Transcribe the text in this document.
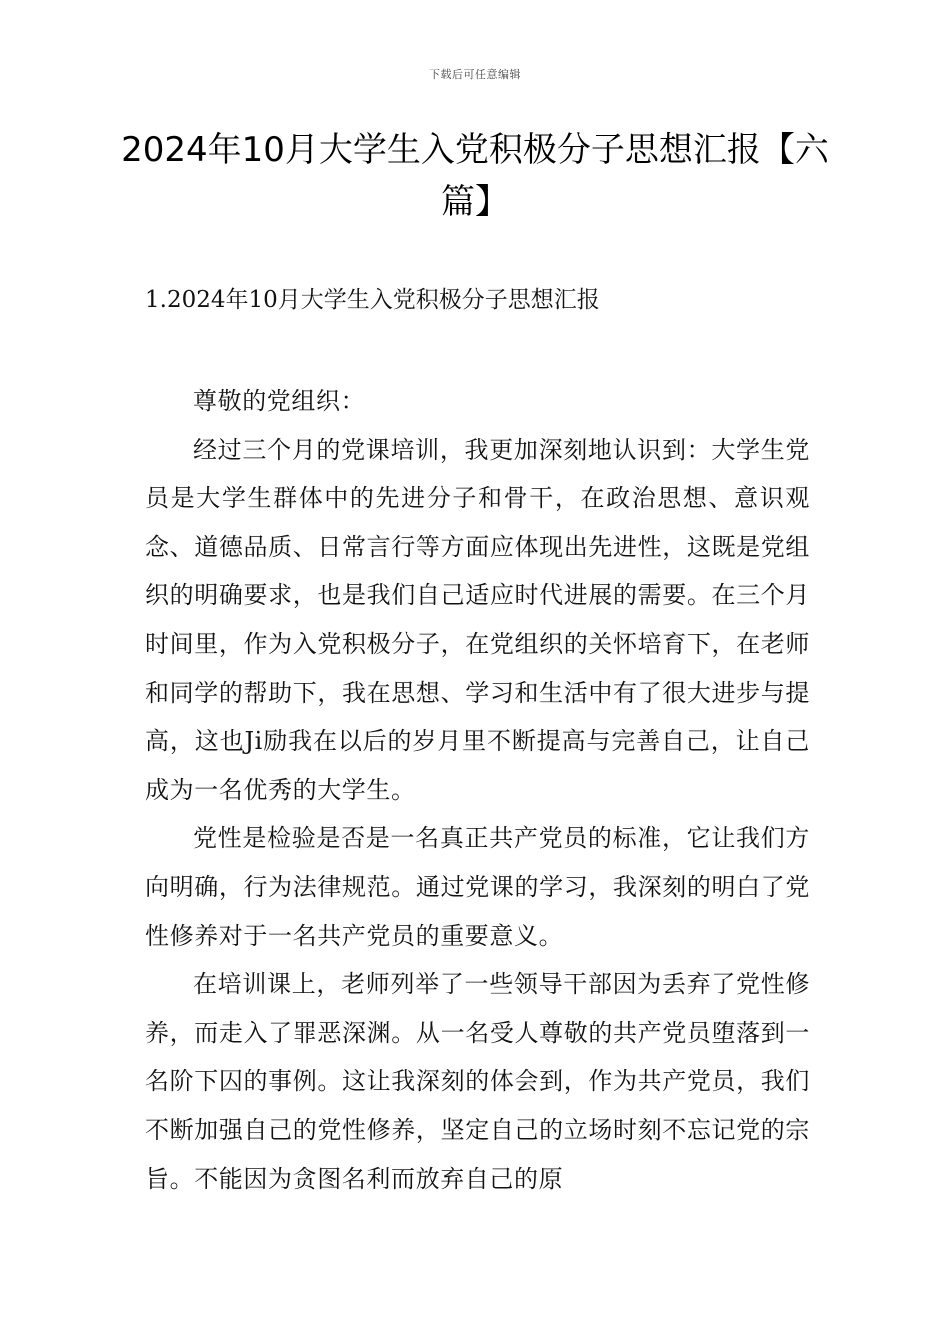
下载后可任意编辑
2024年10月大学生入党积极分子思想汇报【六篇】
1.2024年10月大学生入党积极分子思想汇报

尊敬的党组织：

经过三个月的党课培训，我更加深刻地认识到：大学生党员是大学生群体中的先进分子和骨干，在政治思想、意识观念、道德品质、日常言行等方面应体现出先进性，这既是党组织的明确要求，也是我们自己适应时代进展的需要。在三个月时间里，作为入党积极分子，在党组织的关怀培育下，在老师和同学的帮助下，我在思想、学习和生活中有了很大进步与提高，这也Ji励我在以后的岁月里不断提高与完善自己，让自己成为一名优秀的大学生。

党性是检验是否是一名真正共产党员的标准，它让我们方向明确，行为法律规范。通过党课的学习，我深刻的明白了党性修养对于一名共产党员的重要意义。

在培训课上，老师列举了一些领导干部因为丢弃了党性修养，而走入了罪恶深渊。从一名受人尊敬的共产党员堕落到一名阶下囚的事例。这让我深刻的体会到，作为共产党员，我们不断加强自己的党性修养，坚定自己的立场时刻不忘记党的宗旨。不能因为贪图名利而放弃自己的原
